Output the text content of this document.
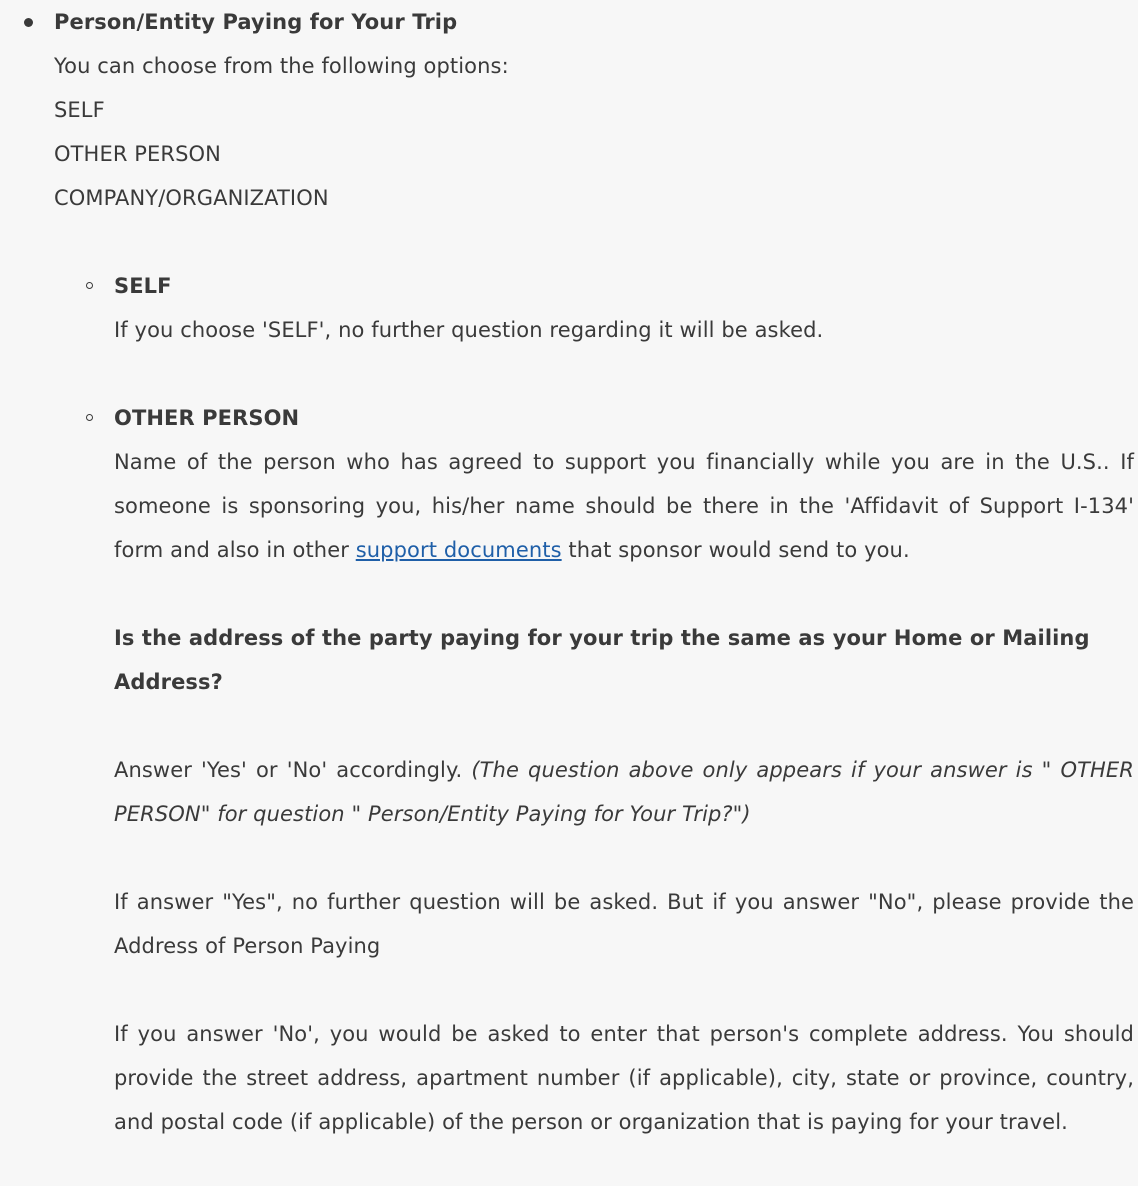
Person/Entity Paying for Your Trip
You can choose from the following options:
SELF
OTHER PERSON
COMPANY/ORGANIZATION
SELF

If you choose 'SELF', no further question regarding it will be asked.

OTHER PERSON

Name of the person who has agreed to support you financially while you are in the U.S.. If someone is sponsoring you, his/her name should be there in the 'Affidavit of Support I-134' form and also in other support documents that sponsor would send to you.

Is the address of the party paying for your trip the same as your Home or Mailing Address?

Answer 'Yes' or 'No' accordingly. (The question above only appears if your answer is " OTHER PERSON" for question " Person/Entity Paying for Your Trip?")

If answer "Yes", no further question will be asked. But if you answer "No", please provide the Address of Person Paying

If you answer 'No', you would be asked to enter that person's complete address. You should provide the street address, apartment number (if applicable), city, state or province, country, and postal code (if applicable) of the person or organization that is paying for your travel.
